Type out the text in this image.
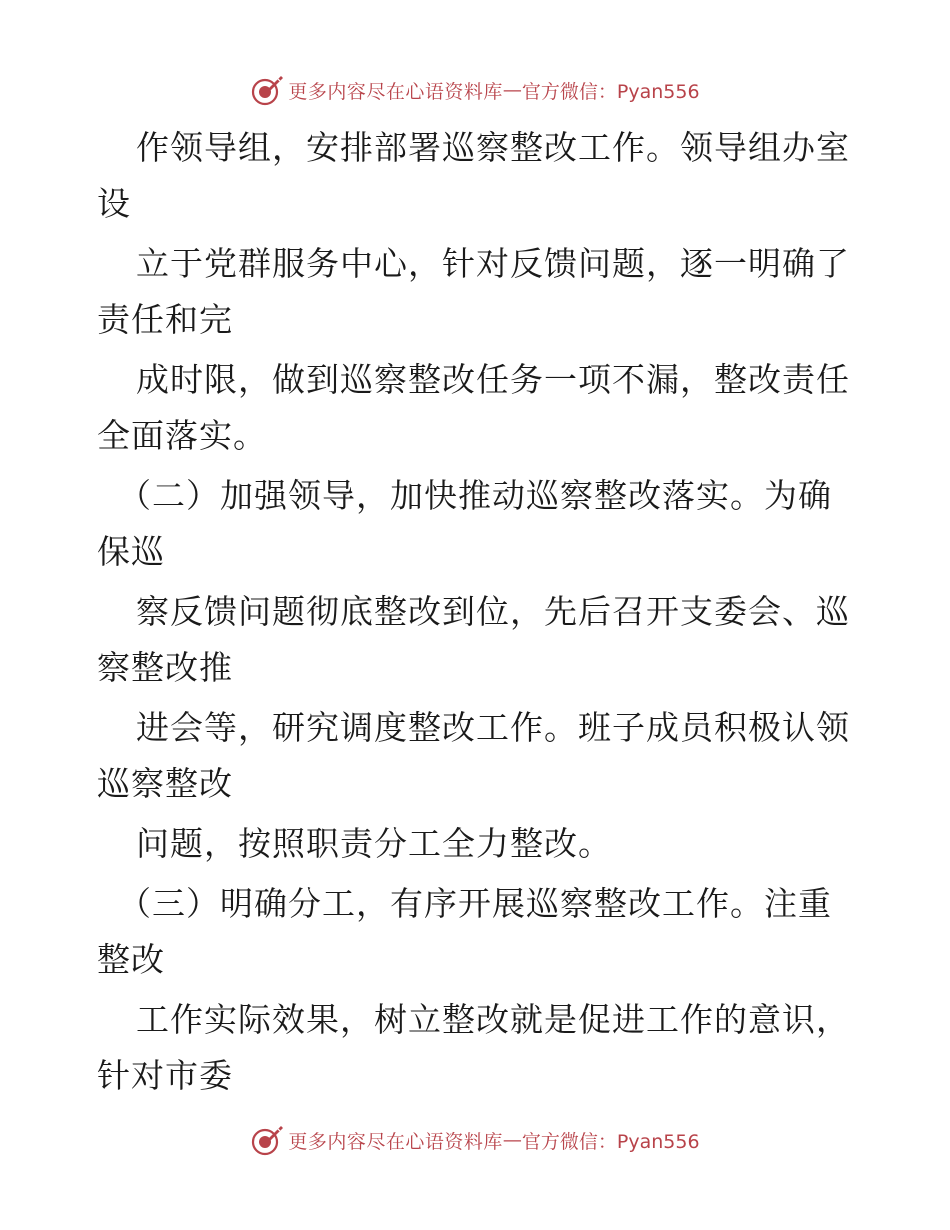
更多内容尽在心语资料库 — 官方微信：Pyan556
作领导组，安排部署巡察整改工作。领导组办室
设
立于党群服务中心，针对反馈问题，逐一明确了
责任和完
成时限，做到巡察整改任务一项不漏，整改责任
全面落实。
（二）加强领导，加快推动巡察整改落实。为确
保巡
察反馈问题彻底整改到位，先后召开支委会、巡
察整改推
进会等，研究调度整改工作。班子成员积极认领
巡察整改
问题，按照职责分工全力整改。
（三）明确分工，有序开展巡察整改工作。注重
整改
工作实际效果，树立整改就是促进工作的意识，
针对市委
更多内容尽在心语资料库 — 官方微信：Pyan556
